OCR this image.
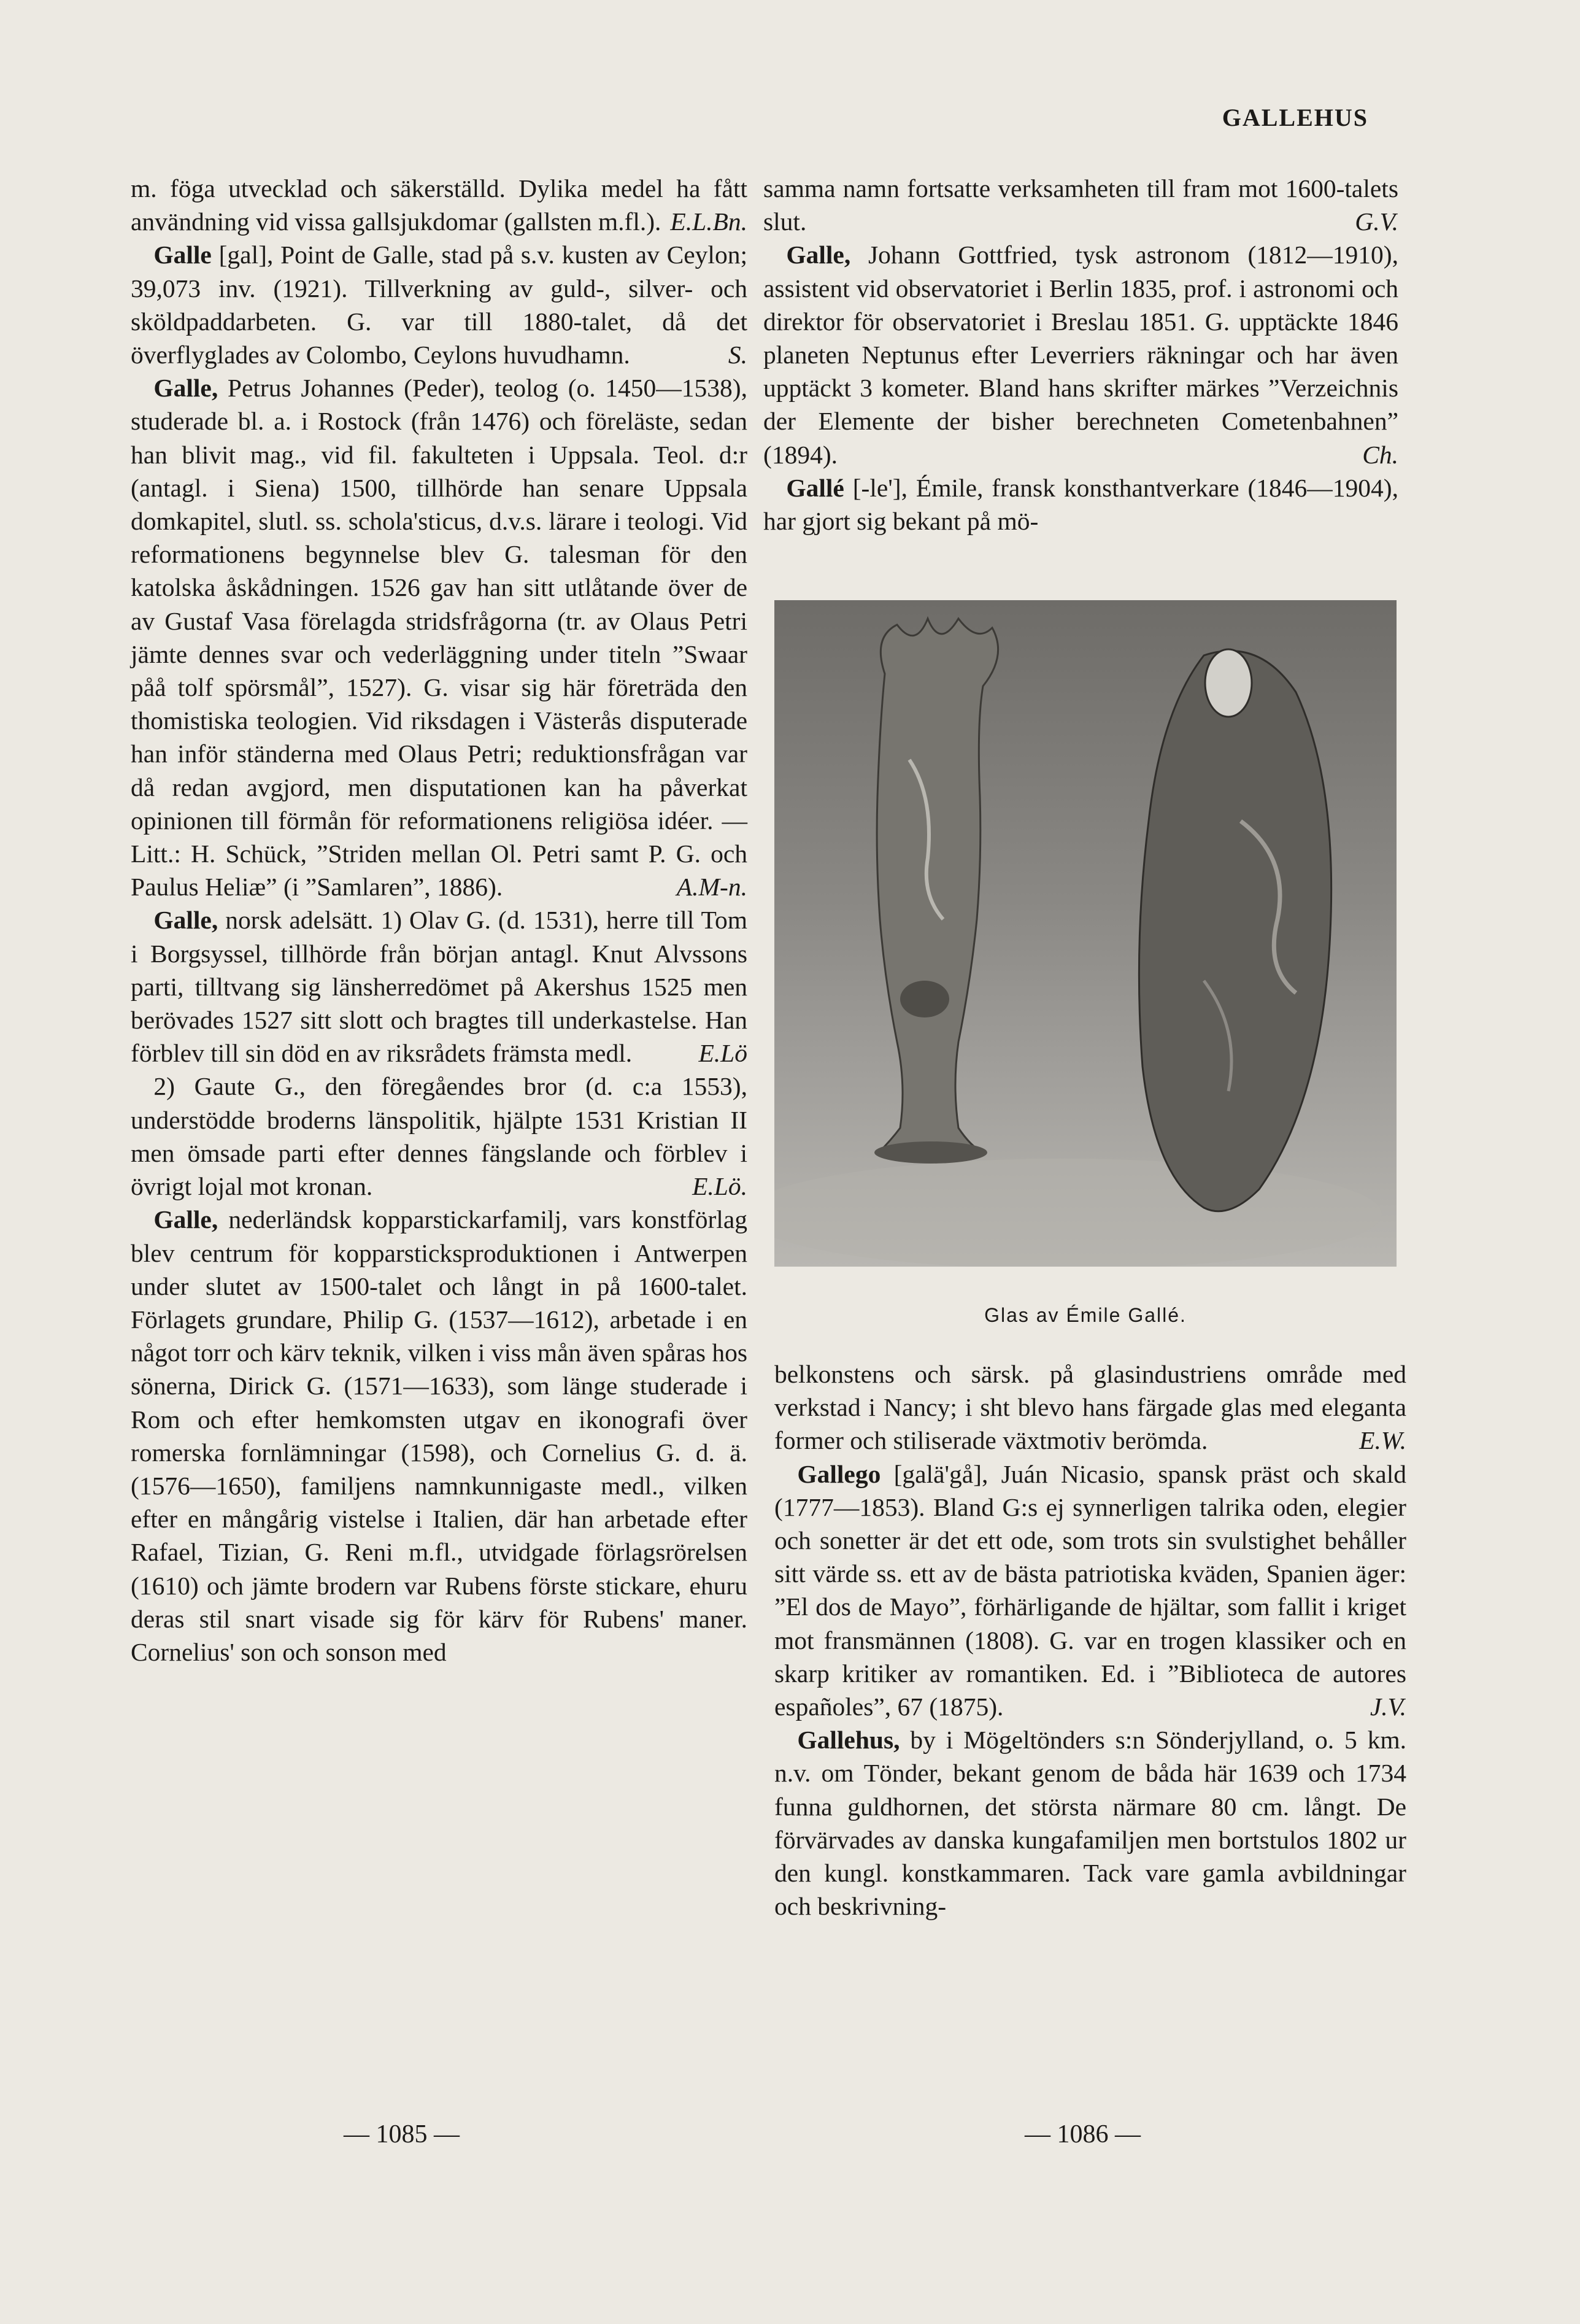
GALLEHUS

m. föga utvecklad och säkerställd. Dylika medel ha fått användning vid vissa gallsjukdomar (gallsten m.fl.). E.L.Bn.

Galle [gal], Point de Galle, stad på s.v. kusten av Ceylon; 39,073 inv. (1921). Tillverkning av guld-, silver- och sköldpaddarbeten. G. var till 1880-talet, då det överflyglades av Colombo, Ceylons huvudhamn.	S.

Galle, Petrus Johannes (Peder), teolog (o. 1450—1538), studerade bl. a. i Rostock (från 1476) och föreläste, sedan han blivit mag., vid fil. fakulteten i Uppsala. Teol. d:r (antagl. i Siena) 1500, tillhörde han senare Uppsala domkapitel, slutl. ss. schola'sticus, d.v.s. lärare i teologi. Vid reformationens begynnelse blev G. talesman för den katolska åskådningen. 1526 gav han sitt utlåtande över de av Gustaf Vasa förelagda stridsfrågorna (tr. av Olaus Petri jämte dennes svar och vederläggning under titeln ”Swaar påå tolf spörsmål”, 1527). G. visar sig här företräda den thomistiska teologien. Vid riksdagen i Västerås disputerade han inför ständerna med Olaus Petri; reduktionsfrågan var då redan avgjord, men disputationen kan ha påverkat opinionen till förmån för reformationens religiösa idéer. — Litt.: H. Schück, ”Striden mellan Ol. Petri samt P. G. och Paulus Heliæ” (i ”Samlaren”, 1886).	A.M-n.

Galle, norsk adelsätt. 1) Olav G. (d. 1531), herre till Tom i Borgsyssel, tillhörde från början antagl. Knut Alvssons parti, tilltvang sig länsherredömet på Akershus 1525 men berövades 1527 sitt slott och bragtes till underkastelse. Han förblev till sin död en av riksrådets främsta medl.	E.Lö

2) Gaute G., den föregåendes bror (d. c:a 1553), understödde broderns länspolitik, hjälpte 1531 Kristian II men ömsade parti efter dennes fängslande och förblev i övrigt lojal mot kronan.	E.Lö.

Galle, nederländsk kopparstickarfamilj, vars konstförlag blev centrum för kopparsticksproduktionen i Antwerpen under slutet av 1500-talet och långt in på 1600-talet. Förlagets grundare, Philip G. (1537—1612), arbetade i en något torr och kärv teknik, vilken i viss mån även spåras hos sönerna, Dirick G. (1571—1633), som länge studerade i Rom och efter hemkomsten utgav en ikonografi över romerska fornlämningar (1598), och Cornelius G. d. ä. (1576—1650), familjens namnkunnigaste medl., vilken efter en mångårig vistelse i Italien, där han arbetade efter Rafael, Tizian, G. Reni m.fl., utvidgade förlagsrörelsen (1610) och jämte brodern var Rubens förste stickare, ehuru deras stil snart visade sig för kärv för Rubens' maner. Cornelius' son och sonson med

samma namn fortsatte verksamheten till fram mot 1600-talets slut.	G.V.

Galle, Johann Gottfried, tysk astronom (1812—1910), assistent vid observatoriet i Berlin 1835, prof. i astronomi och direktor för observatoriet i Breslau 1851. G. upptäckte 1846 planeten Neptunus efter Leverriers räkningar och har även upptäckt 3 kometer. Bland hans skrifter märkes ”Verzeichnis der Elemente der bisher berechneten Cometenbahnen” (1894).	Ch.

Gallé [-le'], Émile, fransk konsthantverkare (1846—1904), har gjort sig bekant på mö-

Glas av Émile Gallé.

belkonstens och särsk. på glasindustriens område med verkstad i Nancy; i sht blevo hans färgade glas med eleganta former och stiliserade växtmotiv berömda.	E.W.

Gallego [galä'gå], Juán Nicasio, spansk präst och skald (1777—1853). Bland G:s ej synnerligen talrika oden, elegier och sonetter är det ett ode, som trots sin svulstighet behåller sitt värde ss. ett av de bästa patriotiska kväden, Spanien äger: ”El dos de Mayo”, förhärligande de hjältar, som fallit i kriget mot fransmännen (1808). G. var en trogen klassiker och en skarp kritiker av romantiken. Ed. i ”Biblioteca de autores españoles”, 67 (1875).	J.V.

Gallehus, by i Mögeltönders s:n Sönderjylland, o. 5 km. n.v. om Tönder, bekant genom de båda här 1639 och 1734 funna guldhornen, det största närmare 80 cm. långt. De förvärvades av danska kungafamiljen men bortstulos 1802 ur den kungl. konstkammaren. Tack vare gamla avbildningar och beskrivning-

— 1085 —	— 1086 —
